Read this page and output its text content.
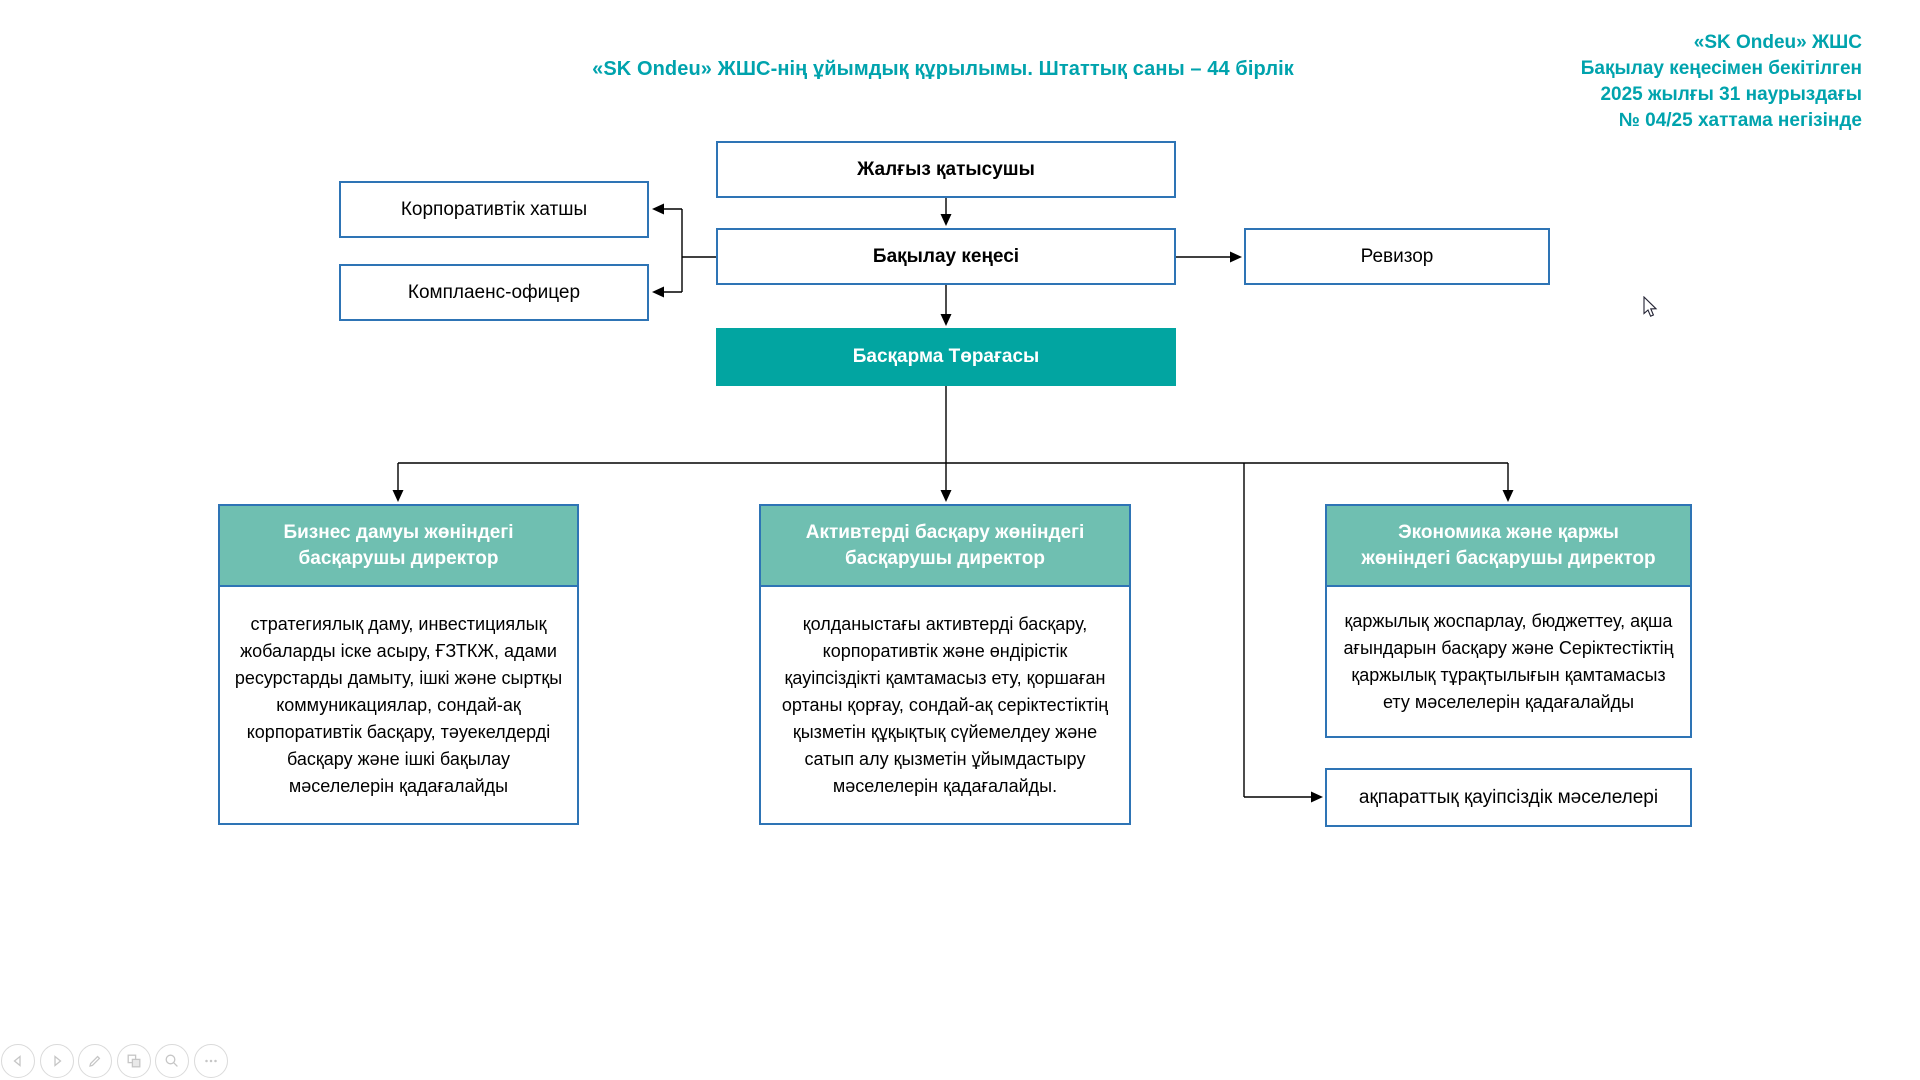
«SK Ondeu» ЖШС-нің ұйымдық құрылымы. Штаттық саны – 44 бірлік
«SK Ondeu» ЖШС
Бақылау кеңесімен бекітілген
2025 жылғы 31 наурыздағы
№ 04/25 хаттама негізінде
Жалғыз қатысушы
Корпоративтік хатшы
Комплаенс-офицер
Бақылау кеңесі	Ревизор
Басқарма Төрағасы
Бизнес дамуы жөніндегі басқарушы директор
стратегиялық даму, инвестициялық жобаларды іске асыру, ҒЗТКЖ, адами ресурстарды дамыту, ішкі және сыртқы коммуникациялар, сондай-ақ корпоративтік басқару, тәуекелдерді басқару және ішкі бақылау мәселелерін қадағалайды
Активтерді басқару жөніндегі басқарушы директор
қолданыстағы активтерді басқару, корпоративтік және өндірістік қауіпсіздікті қамтамасыз ету, қоршаған ортаны қорғау, сондай-ақ серіктестіктің қызметін құқықтық сүйемелдеу және сатып алу қызметін ұйымдастыру мәселелерін қадағалайды.
Экономика және қаржы жөніндегі басқарушы директор
қаржылық жоспарлау, бюджеттеу, ақша ағындарын басқару және Серіктестіктің қаржылық тұрақтылығын қамтамасыз ету мәселелерін қадағалайды
ақпараттық қауіпсіздік мәселелері
